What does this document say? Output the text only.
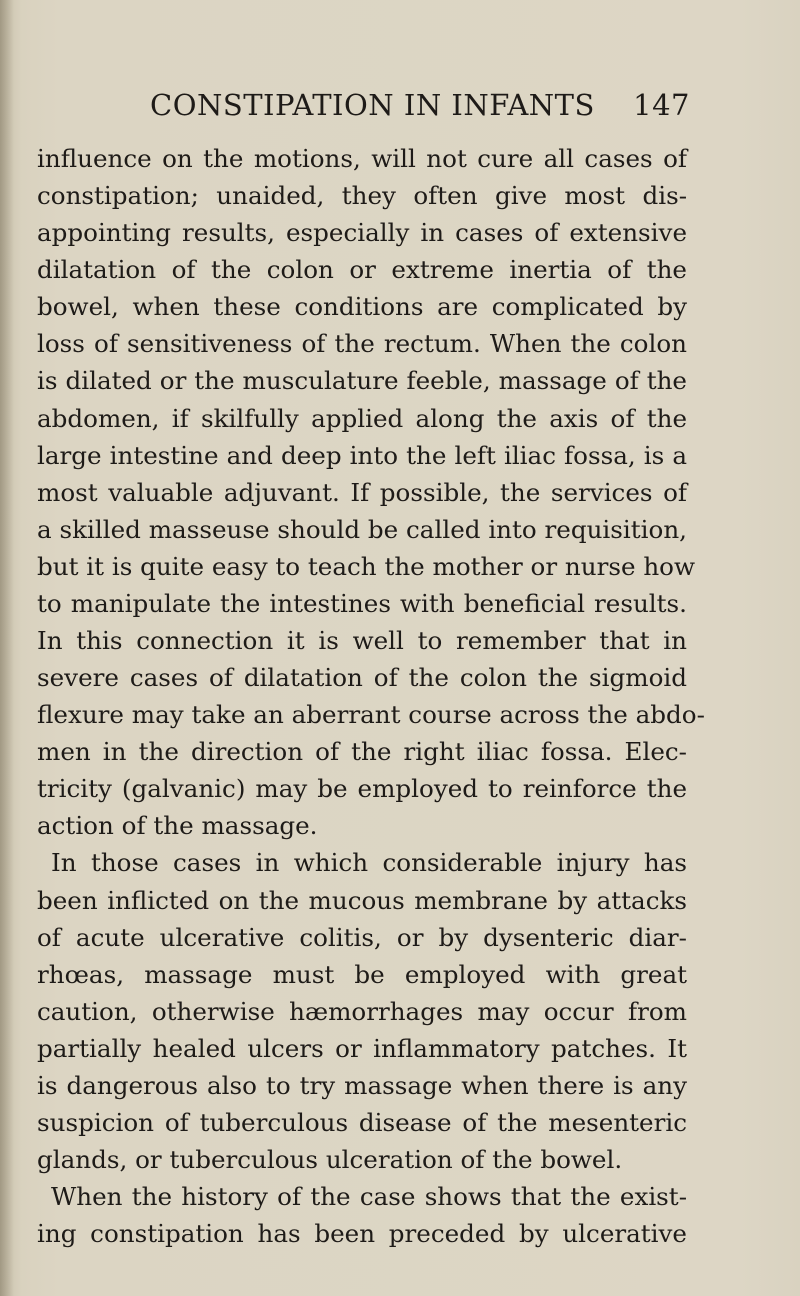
CONSTIPATION IN INFANTS 147
influence on the motions, will not cure all cases of
constipation; unaided, they often give most dis-
appointing results, especially in cases of extensive
dilatation of the colon or extreme inertia of the
bowel, when these conditions are complicated by
loss of sensitiveness of the rectum. When the colon
is dilated or the musculature feeble, massage of the
abdomen, if skilfully applied along the axis of the
large intestine and deep into the left iliac fossa, is a
most valuable adjuvant. If possible, the services of
a skilled masseuse should be called into requisition,
but it is quite easy to teach the mother or nurse how
to manipulate the intestines with beneficial results.
In this connection it is well to remember that in
severe cases of dilatation of the colon the sigmoid
flexure may take an aberrant course across the abdo-
men in the direction of the right iliac fossa. Elec-
tricity (galvanic) may be employed to reinforce the
action of the massage.
In those cases in which considerable injury has
been inflicted on the mucous membrane by attacks
of acute ulcerative colitis, or by dysenteric diar-
rhœas, massage must be employed with great
caution, otherwise hæmorrhages may occur from
partially healed ulcers or inflammatory patches. It
is dangerous also to try massage when there is any
suspicion of tuberculous disease of the mesenteric
glands, or tuberculous ulceration of the bowel.
When the history of the case shows that the exist-
ing constipation has been preceded by ulcerative
